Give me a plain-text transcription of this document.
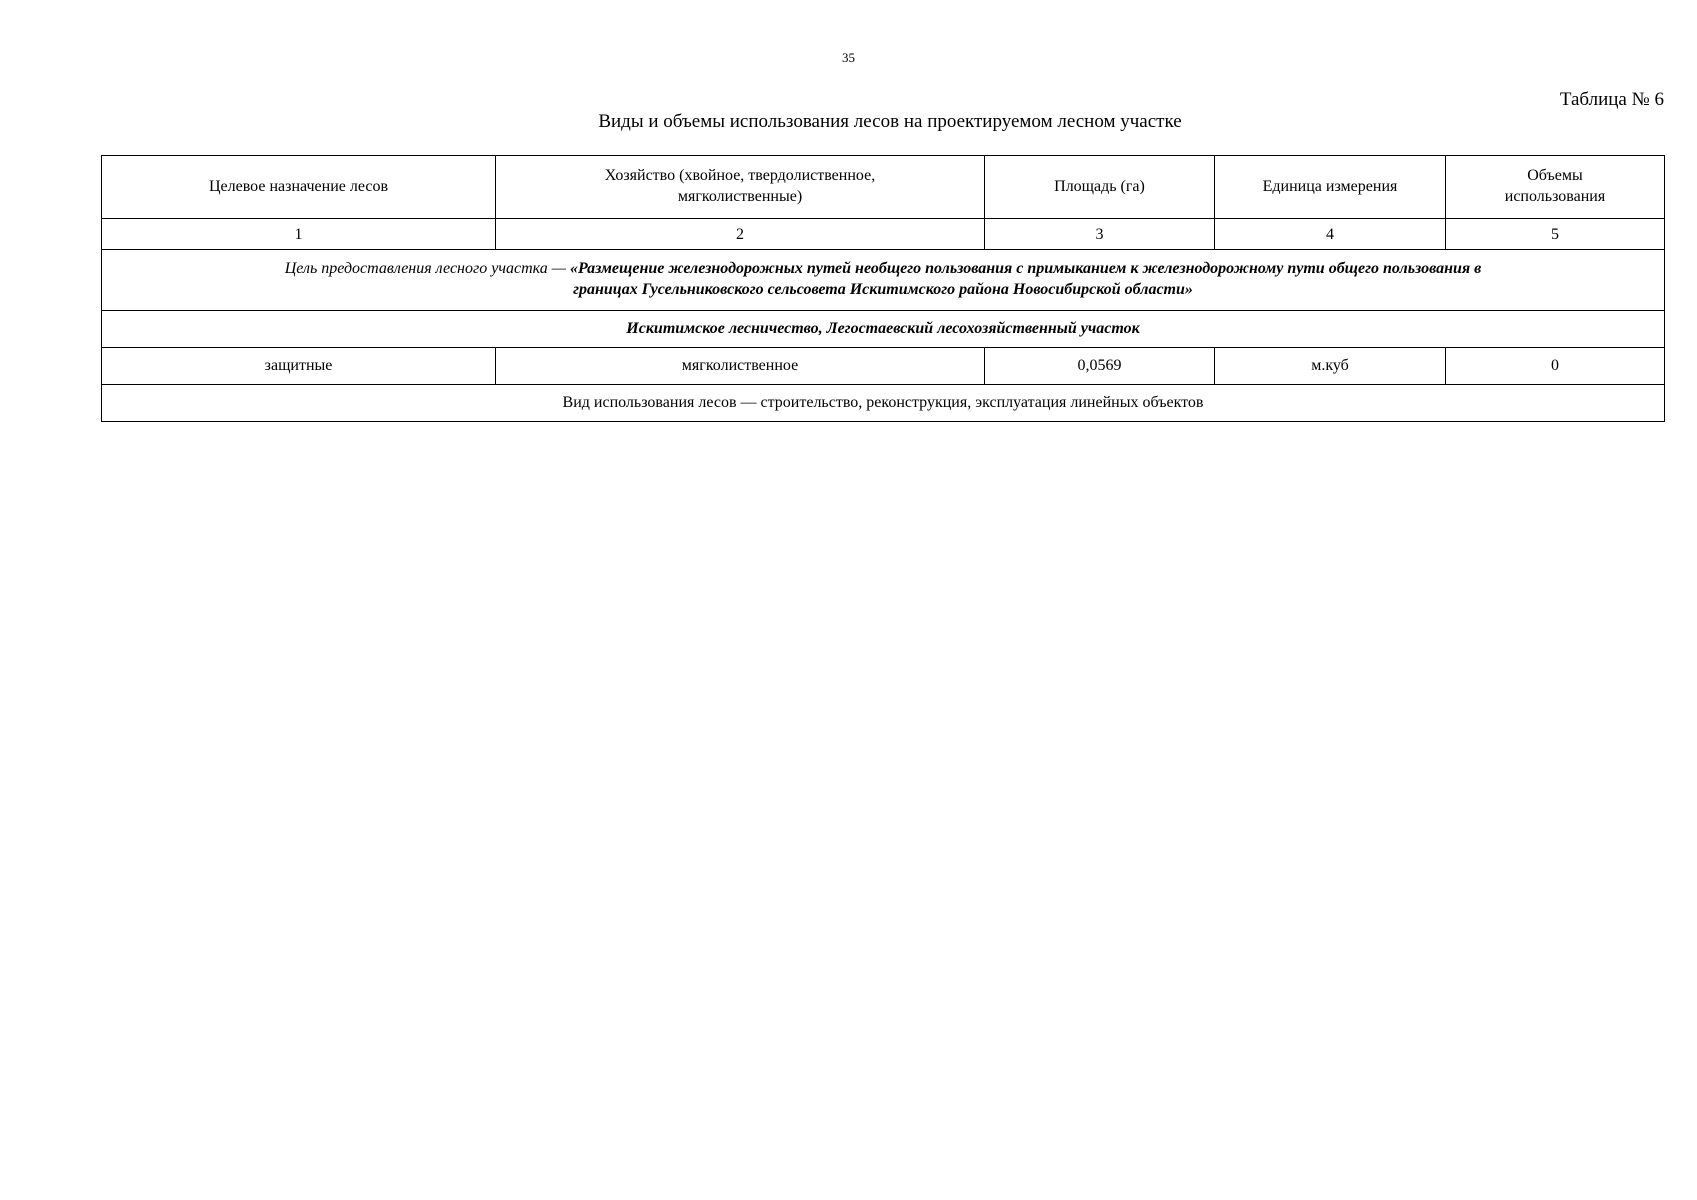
35
Таблица № 6
Виды и объемы использования лесов на проектируемом лесном участке
Целевое назначение лесов	Хозяйство (хвойное, твердолиственное, мягколиственные)	Площадь (га)	Единица измерения	Объемы использования
1	2	3	4	5
Цель предоставления лесного участка — «Размещение железнодорожных путей необщего пользования с примыканием к железнодорожному пути общего пользования в границах Гусельниковского сельсовета Искитимского района Новосибирской области»				
Искитимское лесничество, Легостаевский лесохозяйственный участок				
защитные	мягколиственное	0,0569	м.куб	0
Вид использования лесов — строительство, реконструкция, эксплуатация линейных объектов				
